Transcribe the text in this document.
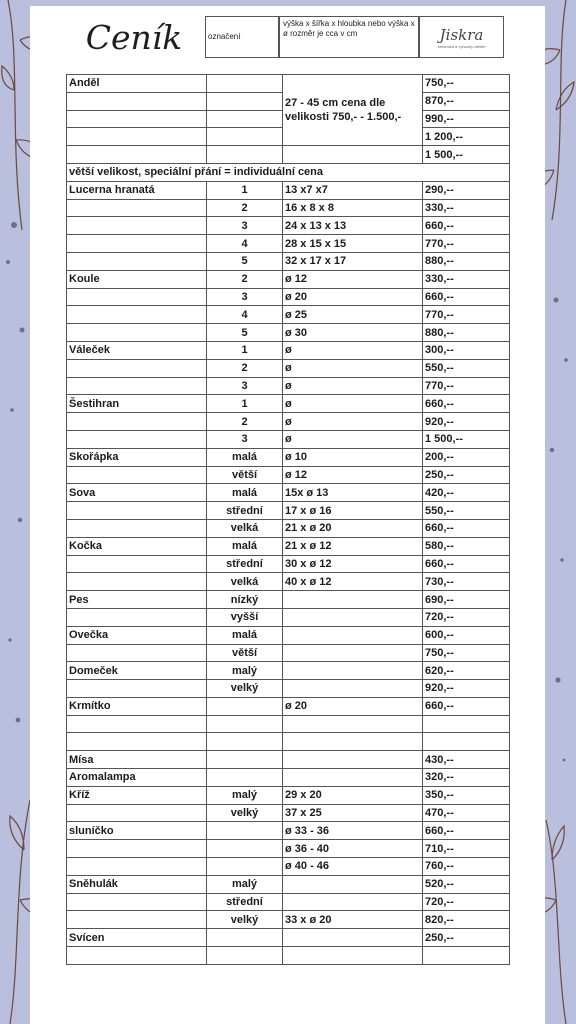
Ceník	označení
výška x šířka x hloubka nebo výška x ø rozměr je cca v cm	Jiskra
keramika a výtvarný ateliér
Anděl		27 - 45 cm cena dle velikosti 750,- - 1.500,-	750,--
			870,--
			990,--
			1 200,--
			1 500,--
větší velikost, speciální přání = individuální cena			
Lucerna hranatá	1	13 x7 x7	290,--
	2	16 x 8 x 8	330,--
	3	24 x 13 x 13	660,--
	4	28 x 15 x 15	770,--
	5	32 x 17 x 17	880,--
Koule	2	ø 12	330,--
	3	ø 20	660,--
	4	ø 25	770,--
	5	ø 30	880,--
Váleček	1	ø	300,--
	2	ø	550,--
	3	ø	770,--
Šestihran	1	ø	660,--
	2	ø	920,--
	3	ø	1 500,--
Skořápka	malá	ø 10	200,--
	větší	ø 12	250,--
Sova	malá	15x ø 13	420,--
	střední	17 x ø 16	550,--
	velká	21 x ø 20	660,--
Kočka	malá	21 x ø 12	580,--
	střední	30 x ø 12	660,--
	velká	40 x ø 12	730,--
Pes	nízký		690,--
	vyšší		720,--
Ovečka	malá		600,--
	větší		750,--
Domeček	malý		620,--
	velký		920,--
Krmítko		ø 20	660,--

Mísa			430,--
Aromalampa			320,--
Kříž	malý	29 x 20	350,--
	velký	37 x 25	470,--
sluníčko		ø 33 - 36	660,--
		ø 36 - 40	710,--
		ø 40 - 46	760,--
Sněhulák	malý		520,--
	střední		720,--
	velký	33 x ø 20	820,--
Svícen			250,--
